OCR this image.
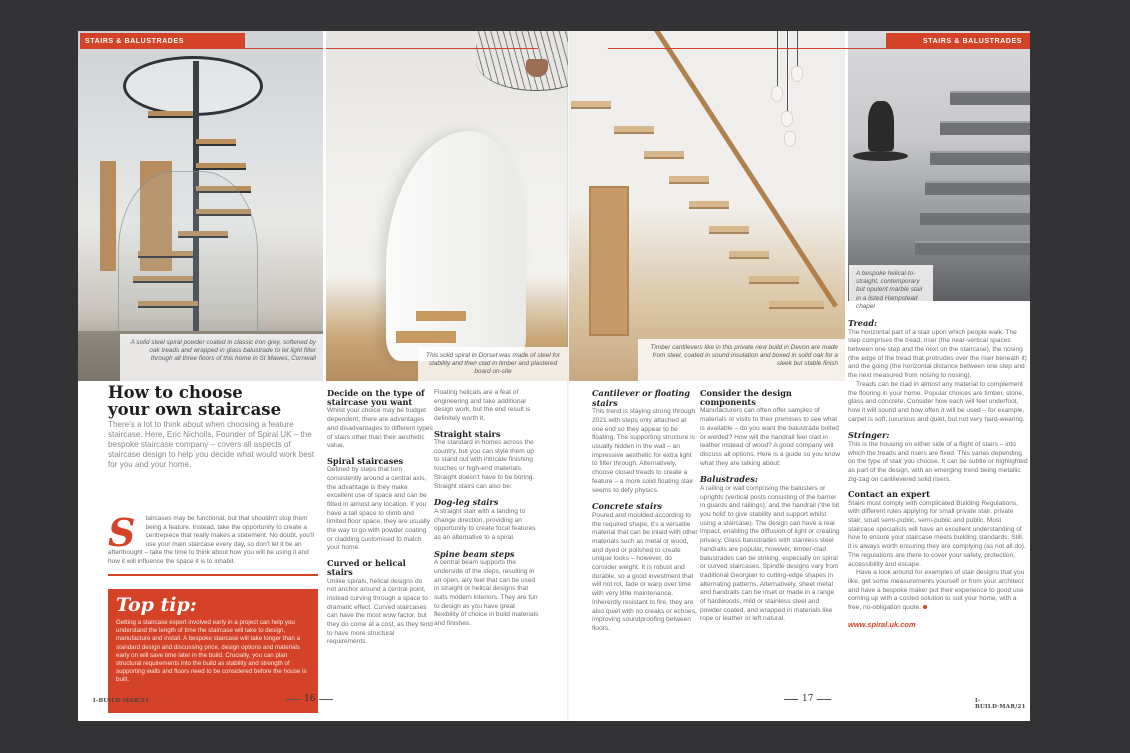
STAIRS & BALUSTRADES	STAIRS & BALUSTRADES
A solid steel spiral powder coated in classic iron grey, softened by oak treads and wrapped in glass balustrade to let light filter through all three floors of this home in St Mawes, Cornwall	This solid spiral in Dorset was made of steel for stability and then clad in timber and plastered board on-site
Timber cantilevers like in this private new build in Devon are made from steel, coated in sound insulation and boxed in solid oak for a sleek but stable finish
A bespoke helical-to-straight, contemporary but opulent marble stair in a listed Hampstead chapel
How to choose
your own staircase
There's a lot to think about when choosing a feature staircase. Here, Eric Nicholls, Founder of Spiral UK – the bespoke staircase company – covers all aspects of staircase design to help you decide what would work best for you and your home.
S taircases may be functional, but that shouldn't stop them being a feature. Instead, take the opportunity to create a centrepiece that really makes a statement. No doubt, you'll use your main staircase every day, so don't let it be an afterthought – take the time to think about how you will be using it and how it will influence the space it is to inhabit.
Top tip:
Getting a staircase expert involved early in a project can help you understand the length of time the staircase will take to design, manufacture and install. A bespoke staircase will take longer than a standard design and discussing price, design options and materials early on will save time later in the build. Crucially, you can plan structural requirements into the build as stability and strength of supporting walls and floors need to be considered before the house is built.
Decide on the type of staircase you want

Whilst your choice may be budget dependent, there are advantages and disadvantages to different types of stairs other than their aesthetic value.

Spiral staircases

Defined by steps that turn consistently around a central axis, the advantage is they make excellent use of space and can be fitted in almost any location. If you have a tall space to climb and limited floor space, they are usually the way to go with powder coating or cladding customised to match your home.

Curved or helical stairs

Unlike spirals, helical designs do not anchor around a central point, instead curving through a space to dramatic effect. Curved staircases can have the most wow factor, but they do come at a cost, as they tend to have more structural requirements.

Floating helicals are a feat of engineering and take additional design work, but the end result is definitely worth it.

Straight stairs

The standard in homes across the country, but you can style them up to stand out with intricate finishing touches or high-end materials. Straight doesn't have to be boring. Straight stairs can also be:

Dog-leg stairs

A straight stair with a landing to change direction, providing an opportunity to create focal features as an alternative to a spiral.

Spine beam steps

A central beam supports the underside of the steps, resulting in an open, airy feel that can be used in straight or helical designs that suits modern interiors. They are fun to design as you have great flexibility of choice in build materials and finishes.

Cantilever or floating stairs

This trend is staying strong through 2021 with steps only attached at one end so they appear to be floating. The supporting structure is usually hidden in the wall – an impressive aesthetic for extra light to filter through. Alternatively, choose closed treads to create a feature – a more solid floating stair seems to defy physics.

Concrete stairs

Poured and moulded according to the required shape, it's a versatile material that can be inlaid with other materials such as metal or wood, and dyed or polished to create unique looks – however, do consider weight. It is robust and durable, so a good investment that will not rot, fade or warp over time with very little maintenance. Inherently resistant to fire, they are also quiet with no creaks or echoes, improving soundproofing between floors.

Consider the design components

Manufacturers can often offer samples of materials or visits to their premises to see what is available – do you want the balustrade bolted or welded? How will the handrail feel clad in leather instead of wood? A good company will discuss all options. Here is a guide so you know what they are talking about:

Balustrades:

A railing or wall comprising the balusters or uprights (vertical posts consisting of the barrier in guards and railings), and the handrail ('the bit you hold' to give stability and support whilst using a staircase). The design can have a real impact, enabling the diffusion of light or creating privacy. Glass balustrades with stainless steel handrails are popular, however, timber-clad balustrades can be striking, especially on spiral or curved staircases. Spindle designs vary from traditional Georgian to cutting-edge shapes in alternating patterns. Alternatively, sheet metal and handrails can be inset or made in a range of hardwoods, mild or stainless steel and powder coated, and wrapped in materials like rope or leather or left natural.

Tread:

The horizontal part of a stair upon which people walk. The step comprises the tread, riser (the near-vertical spaces between one step and the next on the staircase), the nosing (the edge of the tread that protrudes over the riser beneath it) and the going (the horizontal distance between one step and the next measured from nosing to nosing).

Treads can be clad in almost any material to complement the flooring in your home. Popular choices are timber, stone, glass and concrete. Consider how each will feel underfoot, how it will sound and how often it will be used – for example, carpet is soft, luxurious and quiet, but not very hard-wearing.

Stringer:

This is the housing on either side of a flight of stairs – into which the treads and risers are fixed. This varies depending on the type of stair you choose. It can be subtle or highlighted as part of the design, with an emerging trend being metallic zig-zag on cantilevered solid risers.

Contact an expert

Stairs must comply with complicated Building Regulations, with different rules applying for small private stair, private stair, small semi-public, semi-public and public. Most staircase specialists will have an excellent understanding of how to ensure your staircase meets building standards. Still, it is always worth ensuring they are complying (as not all do). The regulations are there to cover your safety, protection, accessibility and escape.

Have a look around for examples of stair designs that you like, get some measurements yourself or from your architect and have a bespoke maker put their experience to good use coming up with a costed solution to suit your home, with a free, no-obligation quote.

www.spiral.uk.com
I-BUILD·MAR/21	16	17	I-BUILD·MAR/21
